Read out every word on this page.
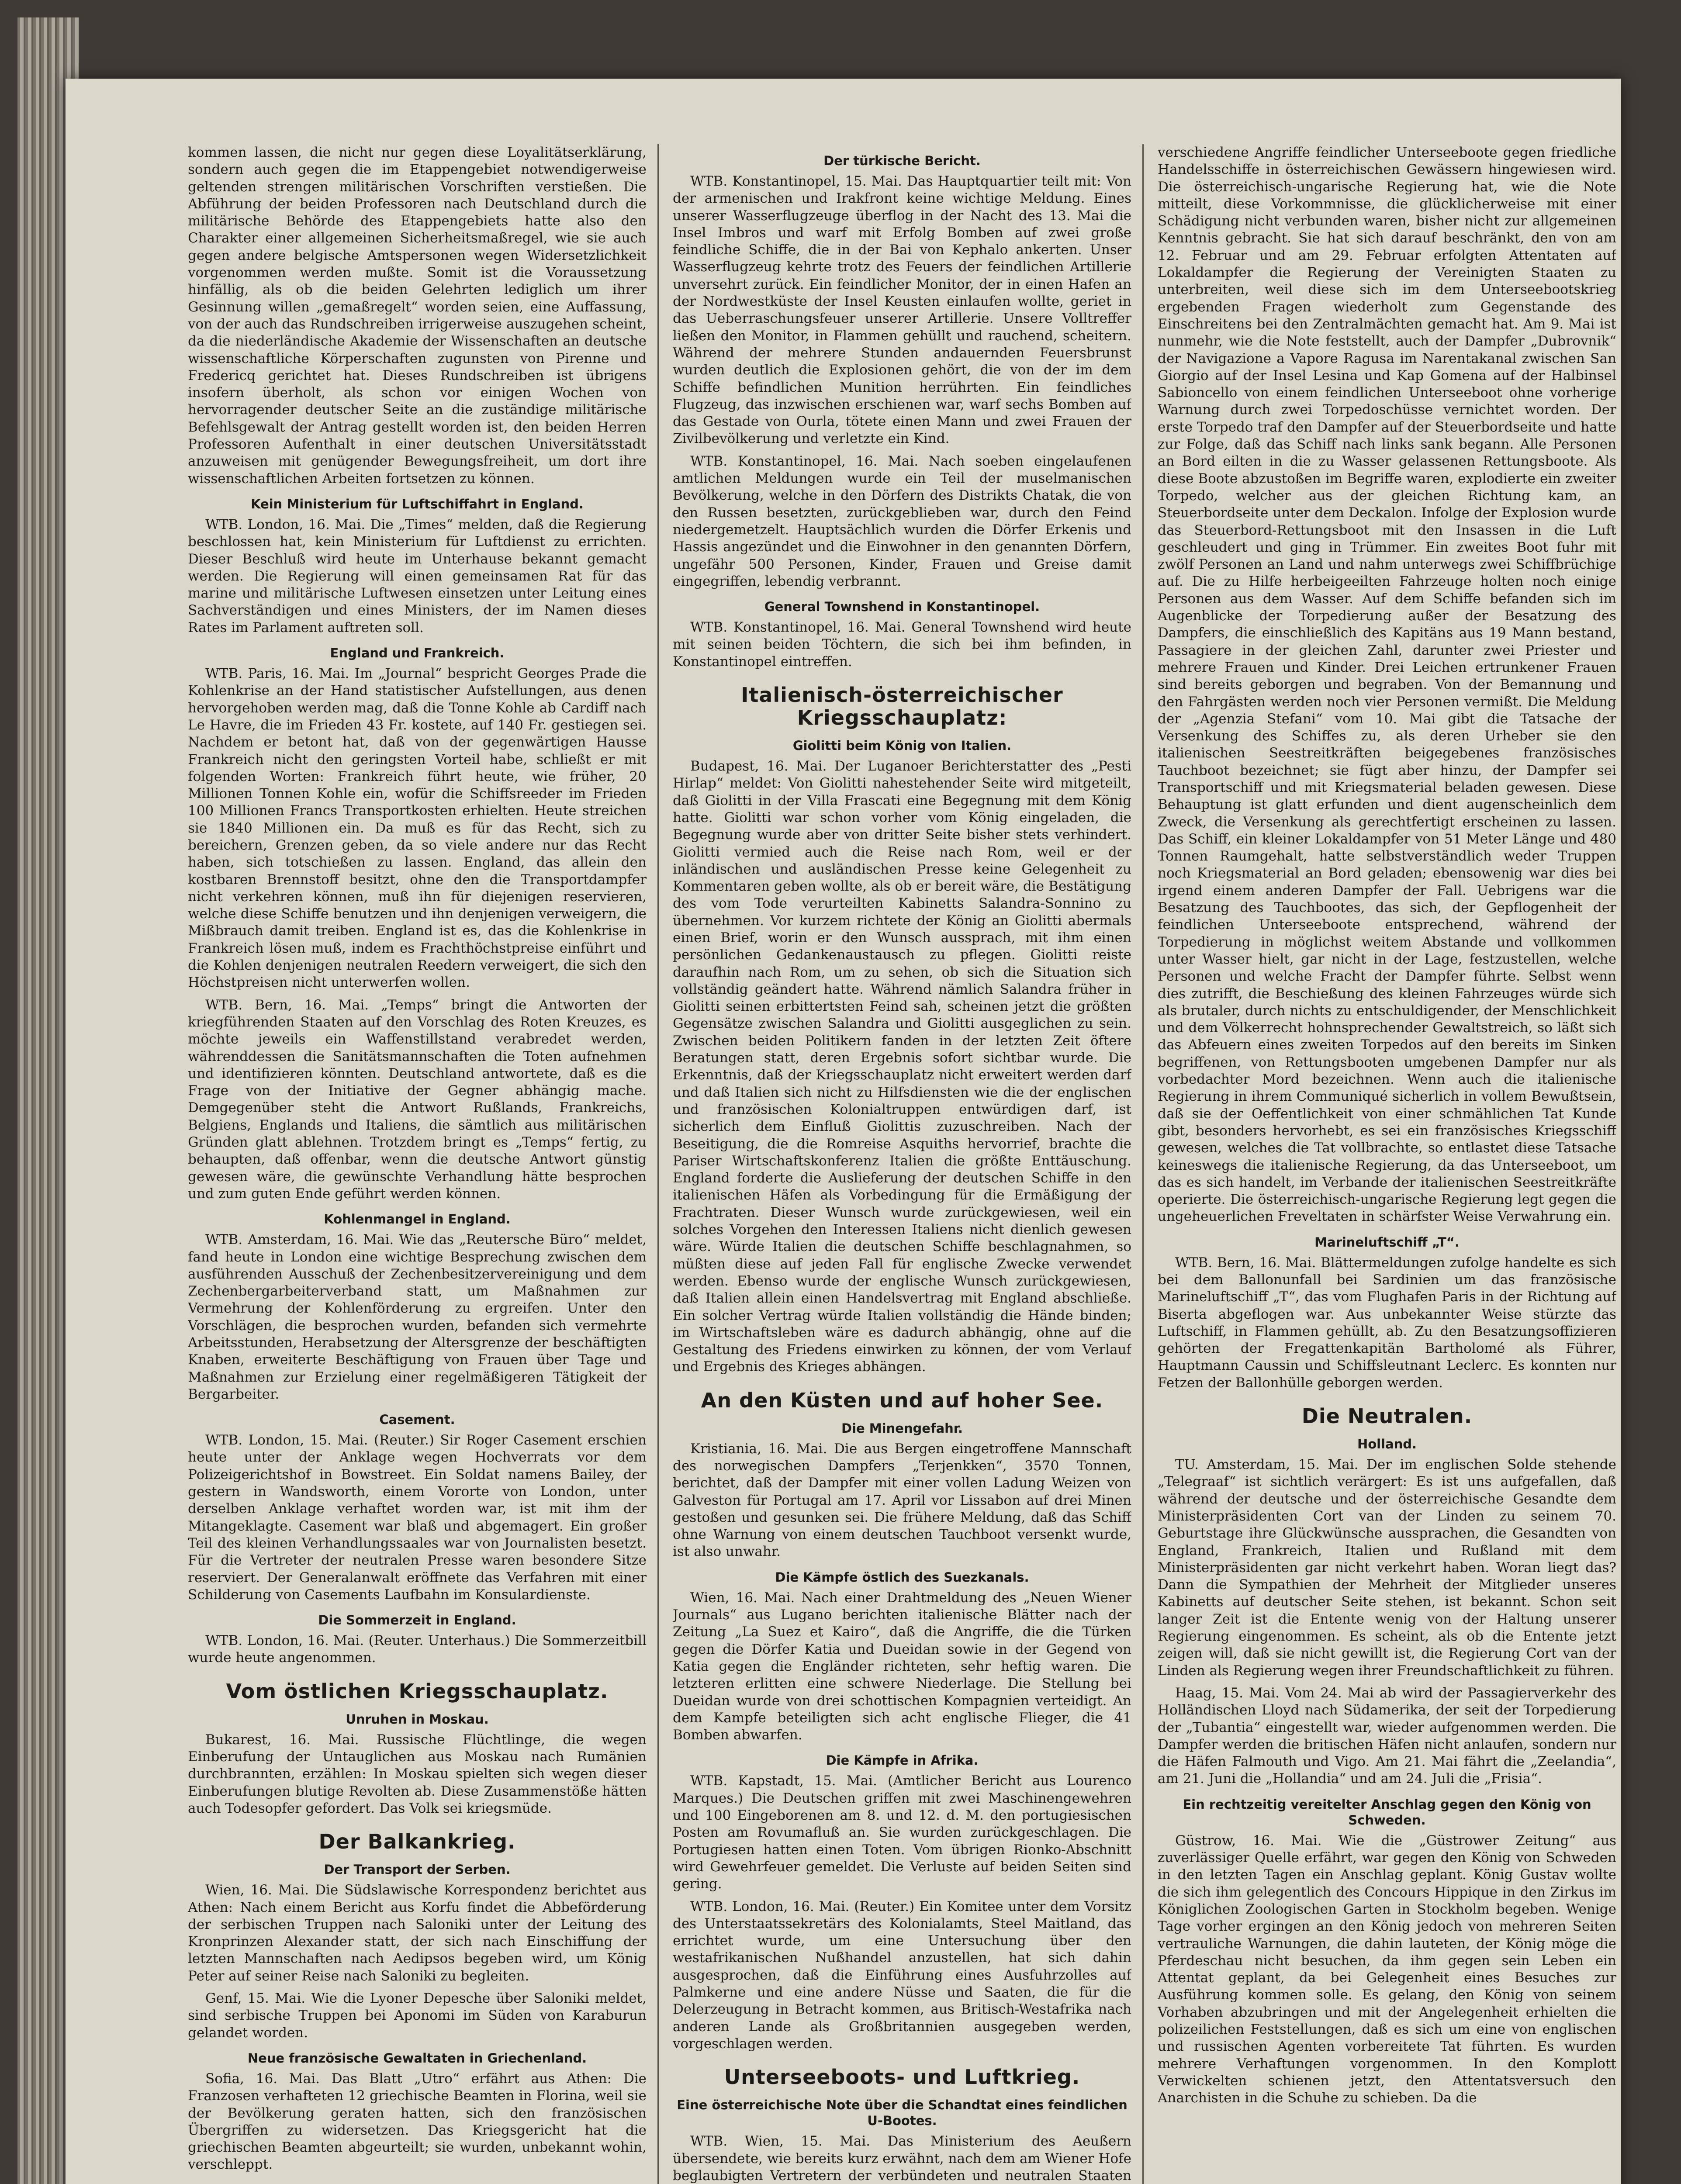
kommen lassen, die nicht nur gegen diese Loyalitätserklärung, sondern auch gegen die im Etappengebiet notwendigerweise geltenden strengen militärischen Vorschriften verstießen. Die Abführung der beiden Professoren nach Deutschland durch die militärische Behörde des Etappengebiets hatte also den Charakter einer allgemeinen Sicherheitsmaßregel, wie sie auch gegen andere belgische Amtspersonen wegen Widersetzlichkeit vorgenommen werden mußte. Somit ist die Voraussetzung hinfällig, als ob die beiden Gelehrten lediglich um ihrer Gesinnung willen „gemaßregelt“ worden seien, eine Auffassung, von der auch das Rundschreiben irrigerweise auszugehen scheint, da die niederländische Akademie der Wissenschaften an deutsche wissenschaftliche Körperschaften zugunsten von Pirenne und Fredericq gerichtet hat. Dieses Rundschreiben ist übrigens insofern überholt, als schon vor einigen Wochen von hervorragender deutscher Seite an die zuständige militärische Befehlsgewalt der Antrag gestellt worden ist, den beiden Herren Professoren Aufenthalt in einer deutschen Universitätsstadt anzuweisen mit genügender Bewegungsfreiheit, um dort ihre wissenschaftlichen Arbeiten fortsetzen zu können.

Kein Ministerium für Luftschiffahrt in England.

WTB. London, 16. Mai. Die „Times“ melden, daß die Regierung beschlossen hat, kein Ministerium für Luftdienst zu errichten. Dieser Beschluß wird heute im Unterhause bekannt gemacht werden. Die Regierung will einen gemeinsamen Rat für das marine und militärische Luftwesen einsetzen unter Leitung eines Sachverständigen und eines Ministers, der im Namen dieses Rates im Parlament auftreten soll.

England und Frankreich.

WTB. Paris, 16. Mai. Im „Journal“ bespricht Georges Prade die Kohlenkrise an der Hand statistischer Aufstellungen, aus denen hervorgehoben werden mag, daß die Tonne Kohle ab Cardiff nach Le Havre, die im Frieden 43 Fr. kostete, auf 140 Fr. gestiegen sei. Nachdem er betont hat, daß von der gegenwärtigen Hausse Frankreich nicht den geringsten Vorteil habe, schließt er mit folgenden Worten: Frankreich führt heute, wie früher, 20 Millionen Tonnen Kohle ein, wofür die Schiffsreeder im Frieden 100 Millionen Francs Transportkosten erhielten. Heute streichen sie 1840 Millionen ein. Da muß es für das Recht, sich zu bereichern, Grenzen geben, da so viele andere nur das Recht haben, sich totschießen zu lassen. England, das allein den kostbaren Brennstoff besitzt, ohne den die Transportdampfer nicht verkehren können, muß ihn für diejenigen reservieren, welche diese Schiffe benutzen und ihn denjenigen verweigern, die Mißbrauch damit treiben. England ist es, das die Kohlenkrise in Frankreich lösen muß, indem es Frachthöchstpreise einführt und die Kohlen denjenigen neutralen Reedern verweigert, die sich den Höchstpreisen nicht unterwerfen wollen.

WTB. Bern, 16. Mai. „Temps“ bringt die Antworten der kriegführenden Staaten auf den Vorschlag des Roten Kreuzes, es möchte jeweils ein Waffenstillstand verabredet werden, währenddessen die Sanitätsmannschaften die Toten aufnehmen und identifizieren könnten. Deutschland antwortete, daß es die Frage von der Initiative der Gegner abhängig mache. Demgegenüber steht die Antwort Rußlands, Frankreichs, Belgiens, Englands und Italiens, die sämtlich aus militärischen Gründen glatt ablehnen. Trotzdem bringt es „Temps“ fertig, zu behaupten, daß offenbar, wenn die deutsche Antwort günstig gewesen wäre, die gewünschte Verhandlung hätte besprochen und zum guten Ende geführt werden können.

Kohlenmangel in England.

WTB. Amsterdam, 16. Mai. Wie das „Reutersche Büro“ meldet, fand heute in London eine wichtige Besprechung zwischen dem ausführenden Ausschuß der Zechenbesitzervereinigung und dem Zechenbergarbeiterverband statt, um Maßnahmen zur Vermehrung der Kohlenförderung zu ergreifen. Unter den Vorschlägen, die besprochen wurden, befanden sich vermehrte Arbeitsstunden, Herabsetzung der Altersgrenze der beschäftigten Knaben, erweiterte Beschäftigung von Frauen über Tage und Maßnahmen zur Erzielung einer regelmäßigeren Tätigkeit der Bergarbeiter.

Casement.

WTB. London, 15. Mai. (Reuter.) Sir Roger Casement erschien heute unter der Anklage wegen Hochverrats vor dem Polizeigerichtshof in Bowstreet. Ein Soldat namens Bailey, der gestern in Wandsworth, einem Vororte von London, unter derselben Anklage verhaftet worden war, ist mit ihm der Mitangeklagte. Casement war blaß und abgemagert. Ein großer Teil des kleinen Verhandlungssaales war von Journalisten besetzt. Für die Vertreter der neutralen Presse waren besondere Sitze reserviert. Der Generalanwalt eröffnete das Verfahren mit einer Schilderung von Casements Laufbahn im Konsulardienste.

Die Sommerzeit in England.

WTB. London, 16. Mai. (Reuter. Unterhaus.) Die Sommerzeitbill wurde heute angenommen.

Vom östlichen Kriegsschauplatz.
Unruhen in Moskau.

Bukarest, 16. Mai. Russische Flüchtlinge, die wegen Einberufung der Untauglichen aus Moskau nach Rumänien durchbrannten, erzählen: In Moskau spielten sich wegen dieser Einberufungen blutige Revolten ab. Diese Zusammenstöße hätten auch Todesopfer gefordert. Das Volk sei kriegsmüde.

Der Balkankrieg.
Der Transport der Serben.

Wien, 16. Mai. Die Südslawische Korrespondenz berichtet aus Athen: Nach einem Bericht aus Korfu findet die Abbeförderung der serbischen Truppen nach Saloniki unter der Leitung des Kronprinzen Alexander statt, der sich nach Einschiffung der letzten Mannschaften nach Aedipsos begeben wird, um König Peter auf seiner Reise nach Saloniki zu begleiten.

Genf, 15. Mai. Wie die Lyoner Depesche über Saloniki meldet, sind serbische Truppen bei Aponomi im Süden von Karaburun gelandet worden.

Neue französische Gewaltaten in Griechenland.

Sofia, 16. Mai. Das Blatt „Utro“ erfährt aus Athen: Die Franzosen verhafteten 12 griechische Beamten in Florina, weil sie der Bevölkerung geraten hatten, sich den französischen Übergriffen zu widersetzen. Das Kriegsgericht hat die griechischen Beamten abgeurteilt; sie wurden, unbekannt wohin, verschleppt.

Der türkische Bericht.

WTB. Konstantinopel, 15. Mai. Das Hauptquartier teilt mit: Von der armenischen und Irakfront keine wichtige Meldung. Eines unserer Wasserflugzeuge überflog in der Nacht des 13. Mai die Insel Imbros und warf mit Erfolg Bomben auf zwei große feindliche Schiffe, die in der Bai von Kephalo ankerten. Unser Wasserflugzeug kehrte trotz des Feuers der feindlichen Artillerie unversehrt zurück. Ein feindlicher Monitor, der in einen Hafen an der Nordwestküste der Insel Keusten einlaufen wollte, geriet in das Ueberraschungsfeuer unserer Artillerie. Unsere Volltreffer ließen den Monitor, in Flammen gehüllt und rauchend, scheitern. Während der mehrere Stunden andauernden Feuersbrunst wurden deutlich die Explosionen gehört, die von der im dem Schiffe befindlichen Munition herrührten. Ein feindliches Flugzeug, das inzwischen erschienen war, warf sechs Bomben auf das Gestade von Ourla, tötete einen Mann und zwei Frauen der Zivilbevölkerung und verletzte ein Kind.

WTB. Konstantinopel, 16. Mai. Nach soeben eingelaufenen amtlichen Meldungen wurde ein Teil der muselmanischen Bevölkerung, welche in den Dörfern des Distrikts Chatak, die von den Russen besetzten, zurückgeblieben war, durch den Feind niedergemetzelt. Hauptsächlich wurden die Dörfer Erkenis und Hassis angezündet und die Einwohner in den genannten Dörfern, ungefähr 500 Personen, Kinder, Frauen und Greise damit eingegriffen, lebendig verbrannt.

General Townshend in Konstantinopel.

WTB. Konstantinopel, 16. Mai. General Townshend wird heute mit seinen beiden Töchtern, die sich bei ihm befinden, in Konstantinopel eintreffen.

Italienisch-österreichischer Kriegsschauplatz:
Giolitti beim König von Italien.

Budapest, 16. Mai. Der Luganoer Berichterstatter des „Pesti Hirlap“ meldet: Von Giolitti nahestehender Seite wird mitgeteilt, daß Giolitti in der Villa Frascati eine Begegnung mit dem König hatte. Giolitti war schon vorher vom König eingeladen, die Begegnung wurde aber von dritter Seite bisher stets verhindert. Giolitti vermied auch die Reise nach Rom, weil er der inländischen und ausländischen Presse keine Gelegenheit zu Kommentaren geben wollte, als ob er bereit wäre, die Bestätigung des vom Tode verurteilten Kabinetts Salandra-Sonnino zu übernehmen. Vor kurzem richtete der König an Giolitti abermals einen Brief, worin er den Wunsch aussprach, mit ihm einen persönlichen Gedankenaustausch zu pflegen. Giolitti reiste daraufhin nach Rom, um zu sehen, ob sich die Situation sich vollständig geändert hatte. Während nämlich Salandra früher in Giolitti seinen erbittertsten Feind sah, scheinen jetzt die größten Gegensätze zwischen Salandra und Giolitti ausgeglichen zu sein. Zwischen beiden Politikern fanden in der letzten Zeit öftere Beratungen statt, deren Ergebnis sofort sichtbar wurde. Die Erkenntnis, daß der Kriegsschauplatz nicht erweitert werden darf und daß Italien sich nicht zu Hilfsdiensten wie die der englischen und französischen Kolonialtruppen entwürdigen darf, ist sicherlich dem Einfluß Giolittis zuzuschreiben. Nach der Beseitigung, die die Romreise Asquiths hervorrief, brachte die Pariser Wirtschaftskonferenz Italien die größte Enttäuschung. England forderte die Auslieferung der deutschen Schiffe in den italienischen Häfen als Vorbedingung für die Ermäßigung der Frachtraten. Dieser Wunsch wurde zurückgewiesen, weil ein solches Vorgehen den Interessen Italiens nicht dienlich gewesen wäre. Würde Italien die deutschen Schiffe beschlagnahmen, so müßten diese auf jeden Fall für englische Zwecke verwendet werden. Ebenso wurde der englische Wunsch zurückgewiesen, daß Italien allein einen Handelsvertrag mit England abschließe. Ein solcher Vertrag würde Italien vollständig die Hände binden; im Wirtschaftsleben wäre es dadurch abhängig, ohne auf die Gestaltung des Friedens einwirken zu können, der vom Verlauf und Ergebnis des Krieges abhängen.

An den Küsten und auf hoher See.
Die Minengefahr.

Kristiania, 16. Mai. Die aus Bergen eingetroffene Mannschaft des norwegischen Dampfers „Terjenkken“, 3570 Tonnen, berichtet, daß der Dampfer mit einer vollen Ladung Weizen von Galveston für Portugal am 17. April vor Lissabon auf drei Minen gestoßen und gesunken sei. Die frühere Meldung, daß das Schiff ohne Warnung von einem deutschen Tauchboot versenkt wurde, ist also unwahr.

Die Kämpfe östlich des Suezkanals.

Wien, 16. Mai. Nach einer Drahtmeldung des „Neuen Wiener Journals“ aus Lugano berichten italienische Blätter nach der Zeitung „La Suez et Kairo“, daß die Angriffe, die die Türken gegen die Dörfer Katia und Dueidan sowie in der Gegend von Katia gegen die Engländer richteten, sehr heftig waren. Die letzteren erlitten eine schwere Niederlage. Die Stellung bei Dueidan wurde von drei schottischen Kompagnien verteidigt. An dem Kampfe beteiligten sich acht englische Flieger, die 41 Bomben abwarfen.

Die Kämpfe in Afrika.

WTB. Kapstadt, 15. Mai. (Amtlicher Bericht aus Lourenco Marques.) Die Deutschen griffen mit zwei Maschinengewehren und 100 Eingeborenen am 8. und 12. d. M. den portugiesischen Posten am Rovumafluß an. Sie wurden zurückgeschlagen. Die Portugiesen hatten einen Toten. Vom übrigen Rionko-Abschnitt wird Gewehrfeuer gemeldet. Die Verluste auf beiden Seiten sind gering.

WTB. London, 16. Mai. (Reuter.) Ein Komitee unter dem Vorsitz des Unterstaatssekretärs des Kolonialamts, Steel Maitland, das errichtet wurde, um eine Untersuchung über den westafrikanischen Nußhandel anzustellen, hat sich dahin ausgesprochen, daß die Einführung eines Ausfuhrzolles auf Palmkerne und eine andere Nüsse und Saaten, die für die Delerzeugung in Betracht kommen, aus Britisch-Westafrika nach anderen Lande als Großbritannien ausgegeben werden, vorgeschlagen werden.

Unterseeboots- und Luftkrieg.
Eine österreichische Note über die Schandtat eines feindlichen U-Bootes.

WTB. Wien, 15. Mai. Das Ministerium des Aeußern übersendete, wie bereits kurz erwähnt, nach dem am Wiener Hofe beglaubigten Vertretern der verbündeten und neutralen Staaten

verschiedene Angriffe feindlicher Unterseeboote gegen friedliche Handelsschiffe in österreichischen Gewässern hingewiesen wird. Die österreichisch-ungarische Regierung hat, wie die Note mitteilt, diese Vorkommnisse, die glücklicherweise mit einer Schädigung nicht verbunden waren, bisher nicht zur allgemeinen Kenntnis gebracht. Sie hat sich darauf beschränkt, den von am 12. Februar und am 29. Februar erfolgten Attentaten auf Lokaldampfer die Regierung der Vereinigten Staaten zu unterbreiten, weil diese sich im dem Unterseebootskrieg ergebenden Fragen wiederholt zum Gegenstande des Einschreitens bei den Zentralmächten gemacht hat. Am 9. Mai ist nunmehr, wie die Note feststellt, auch der Dampfer „Dubrovnik“ der Navigazione a Vapore Ragusa im Narentakanal zwischen San Giorgio auf der Insel Lesina und Kap Gomena auf der Halbinsel Sabioncello von einem feindlichen Unterseeboot ohne vorherige Warnung durch zwei Torpedoschüsse vernichtet worden. Der erste Torpedo traf den Dampfer auf der Steuerbordseite und hatte zur Folge, daß das Schiff nach links sank begann. Alle Personen an Bord eilten in die zu Wasser gelassenen Rettungsboote. Als diese Boote abzustoßen im Begriffe waren, explodierte ein zweiter Torpedo, welcher aus der gleichen Richtung kam, an Steuerbordseite unter dem Deckalon. Infolge der Explosion wurde das Steuerbord-Rettungsboot mit den Insassen in die Luft geschleudert und ging in Trümmer. Ein zweites Boot fuhr mit zwölf Personen an Land und nahm unterwegs zwei Schiffbrüchige auf. Die zu Hilfe herbeigeeilten Fahrzeuge holten noch einige Personen aus dem Wasser. Auf dem Schiffe befanden sich im Augenblicke der Torpedierung außer der Besatzung des Dampfers, die einschließlich des Kapitäns aus 19 Mann bestand, Passagiere in der gleichen Zahl, darunter zwei Priester und mehrere Frauen und Kinder. Drei Leichen ertrunkener Frauen sind bereits geborgen und begraben. Von der Bemannung und den Fahrgästen werden noch vier Personen vermißt. Die Meldung der „Agenzia Stefani“ vom 10. Mai gibt die Tatsache der Versenkung des Schiffes zu, als deren Urheber sie den italienischen Seestreitkräften beigegebenes französisches Tauchboot bezeichnet; sie fügt aber hinzu, der Dampfer sei Transportschiff und mit Kriegsmaterial beladen gewesen. Diese Behauptung ist glatt erfunden und dient augenscheinlich dem Zweck, die Versenkung als gerechtfertigt erscheinen zu lassen. Das Schiff, ein kleiner Lokaldampfer von 51 Meter Länge und 480 Tonnen Raumgehalt, hatte selbstverständlich weder Truppen noch Kriegsmaterial an Bord geladen; ebensowenig war dies bei irgend einem anderen Dampfer der Fall. Uebrigens war die Besatzung des Tauchbootes, das sich, der Gepflogenheit der feindlichen Unterseeboote entsprechend, während der Torpedierung in möglichst weitem Abstande und vollkommen unter Wasser hielt, gar nicht in der Lage, festzustellen, welche Personen und welche Fracht der Dampfer führte. Selbst wenn dies zutrifft, die Beschießung des kleinen Fahrzeuges würde sich als brutaler, durch nichts zu entschuldigender, der Menschlichkeit und dem Völkerrecht hohnsprechender Gewaltstreich, so läßt sich das Abfeuern eines zweiten Torpedos auf den bereits im Sinken begriffenen, von Rettungsbooten umgebenen Dampfer nur als vorbedachter Mord bezeichnen. Wenn auch die italienische Regierung in ihrem Communiqué sicherlich in vollem Bewußtsein, daß sie der Oeffentlichkeit von einer schmählichen Tat Kunde gibt, besonders hervorhebt, es sei ein französisches Kriegsschiff gewesen, welches die Tat vollbrachte, so entlastet diese Tatsache keineswegs die italienische Regierung, da das Unterseeboot, um das es sich handelt, im Verbande der italienischen Seestreitkräfte operierte. Die österreichisch-ungarische Regierung legt gegen die ungeheuerlichen Freveltaten in schärfster Weise Verwahrung ein.

Marineluftschiff „T“.

WTB. Bern, 16. Mai. Blättermeldungen zufolge handelte es sich bei dem Ballonunfall bei Sardinien um das französische Marineluftschiff „T“, das vom Flughafen Paris in der Richtung auf Biserta abgeflogen war. Aus unbekannter Weise stürzte das Luftschiff, in Flammen gehüllt, ab. Zu den Besatzungsoffizieren gehörten der Fregattenkapitän Bartholomé als Führer, Hauptmann Caussin und Schiffsleutnant Leclerc. Es konnten nur Fetzen der Ballonhülle geborgen werden.

Die Neutralen.
Holland.

TU. Amsterdam, 15. Mai. Der im englischen Solde stehende „Telegraaf“ ist sichtlich verärgert: Es ist uns aufgefallen, daß während der deutsche und der österreichische Gesandte dem Ministerpräsidenten Cort van der Linden zu seinem 70. Geburtstage ihre Glückwünsche aussprachen, die Gesandten von England, Frankreich, Italien und Rußland mit dem Ministerpräsidenten gar nicht verkehrt haben. Woran liegt das? Dann die Sympathien der Mehrheit der Mitglieder unseres Kabinetts auf deutscher Seite stehen, ist bekannt. Schon seit langer Zeit ist die Entente wenig von der Haltung unserer Regierung eingenommen. Es scheint, als ob die Entente jetzt zeigen will, daß sie nicht gewillt ist, die Regierung Cort van der Linden als Regierung wegen ihrer Freundschaftlichkeit zu führen.

Haag, 15. Mai. Vom 24. Mai ab wird der Passagierverkehr des Holländischen Lloyd nach Südamerika, der seit der Torpedierung der „Tubantia“ eingestellt war, wieder aufgenommen werden. Die Dampfer werden die britischen Häfen nicht anlaufen, sondern nur die Häfen Falmouth und Vigo. Am 21. Mai fährt die „Zeelandia“, am 21. Juni die „Hollandia“ und am 24. Juli die „Frisia“.

Ein rechtzeitig vereitelter Anschlag gegen den König von Schweden.

Güstrow, 16. Mai. Wie die „Güstrower Zeitung“ aus zuverlässiger Quelle erfährt, war gegen den König von Schweden in den letzten Tagen ein Anschlag geplant. König Gustav wollte die sich ihm gelegentlich des Concours Hippique in den Zirkus im Königlichen Zoologischen Garten in Stockholm begeben. Wenige Tage vorher ergingen an den König jedoch von mehreren Seiten vertrauliche Warnungen, die dahin lauteten, der König möge die Pferdeschau nicht besuchen, da ihm gegen sein Leben ein Attentat geplant, da bei Gelegenheit eines Besuches zur Ausführung kommen solle. Es gelang, den König von seinem Vorhaben abzubringen und mit der Angelegenheit erhielten die polizeilichen Feststellungen, daß es sich um eine von englischen und russischen Agenten vorbereitete Tat führten. Es wurden mehrere Verhaftungen vorgenommen. In den Komplott Verwickelten schienen jetzt, den Attentatsversuch den Anarchisten in die Schuhe zu schieben. Da die
